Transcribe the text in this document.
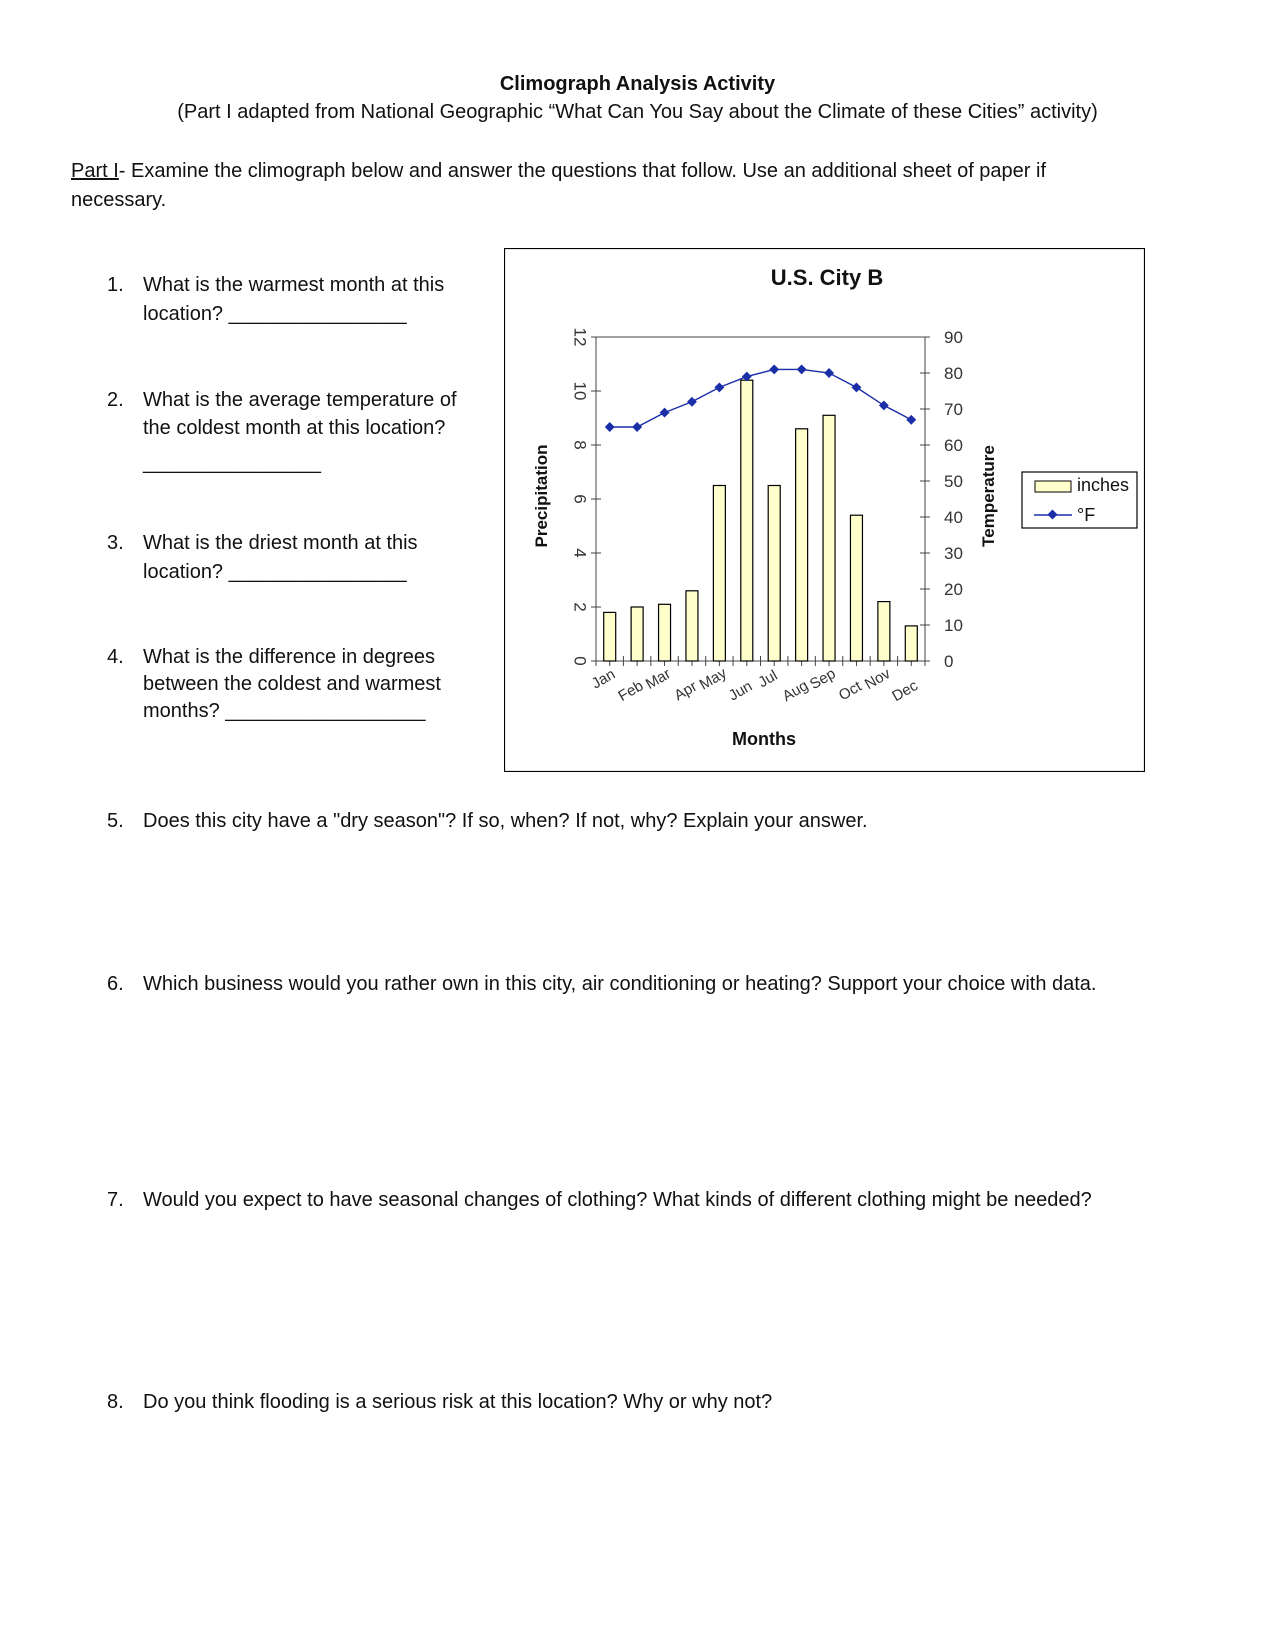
Climograph Analysis Activity
(Part I adapted from National Geographic “What Can You Say about the Climate of these Cities” activity)
Part I- Examine the climograph below and answer the questions that follow. Use an additional sheet of paper if
necessary.
1. What is the warmest month at this
location? ________________
2. What is the average temperature of
the coldest month at this location?
________________
3. What is the driest month at this
location? ________________
4. What is the difference in degrees
between the coldest and warmest
months? __________________
5. Does this city have a "dry season"? If so, when? If not, why? Explain your answer.
6. Which business would you rather own in this city, air conditioning or heating? Support your choice with data.
7. Would you expect to have seasonal changes of clothing? What kinds of different clothing might be needed?
8. Do you think flooding is a serious risk at this location? Why or why not?
U.S. City B
0
2
4
6
8
10
12
0
10
20
30
40
50
60
70
80
90
Jan
Feb
Mar
Apr
May
Jun Jul Aug
Sep
Oct
Nov
Dec
Precipitation	Temperature
Months
inches
°F
